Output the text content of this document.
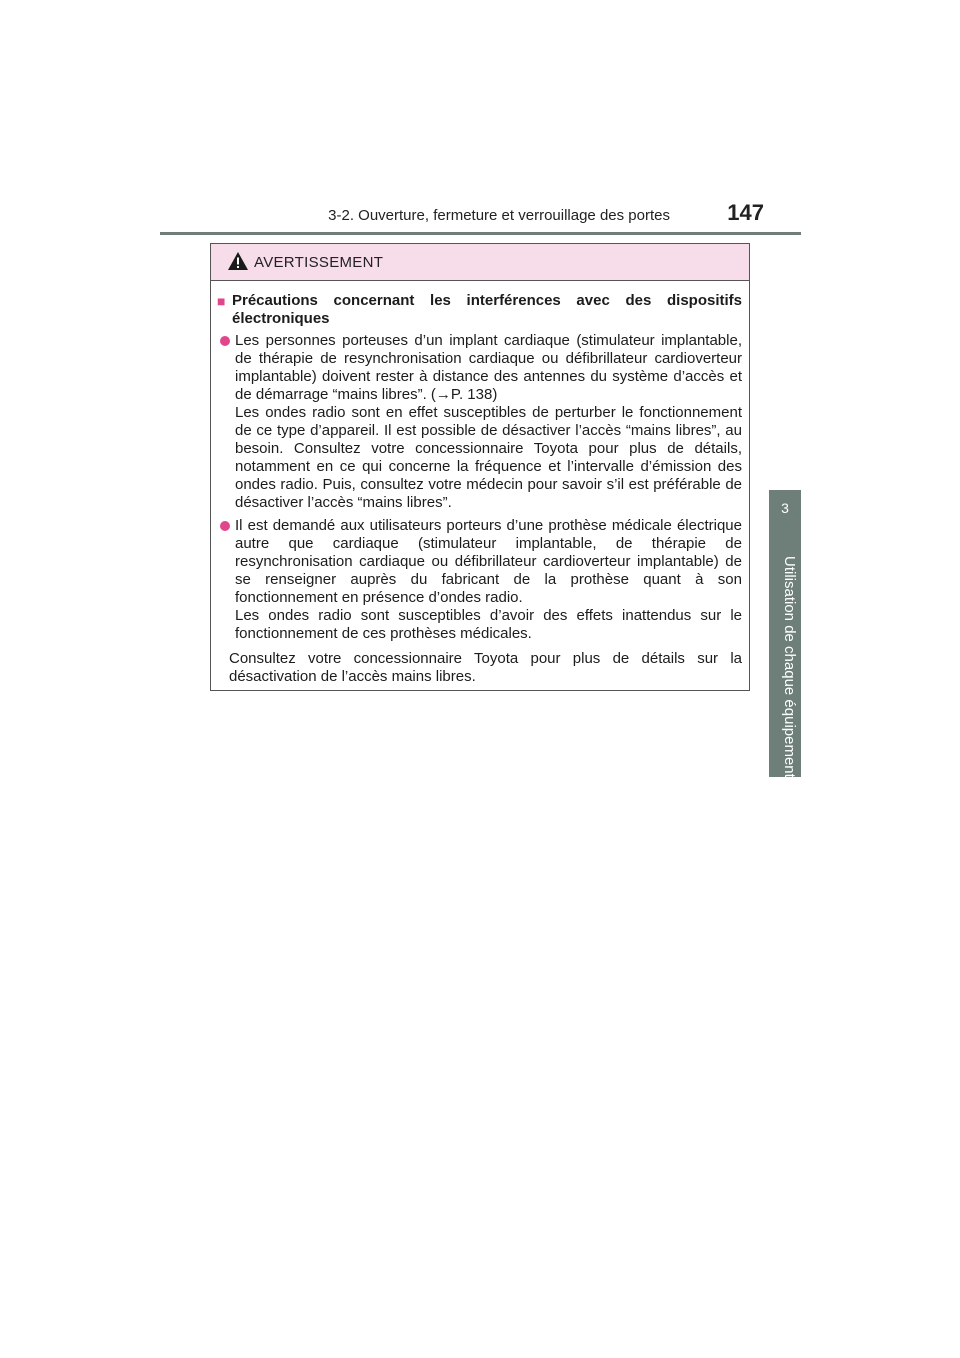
3-2. Ouverture, fermeture et verrouillage des portes	147
3
Utilisation de chaque équipement
AVERTISSEMENT
■ Précautions concernant les interférences avec des dispositifs électroniques
Les personnes porteuses d’un implant cardiaque (stimulateur implantable, de thérapie de resynchronisation cardiaque ou défibrillateur cardioverteur implantable) doivent rester à distance des antennes du système d’accès et de démarrage “mains libres”. (→P. 138)
Les ondes radio sont en effet susceptibles de perturber le fonctionnement de ce type d’appareil. Il est possible de désactiver l’accès “mains libres”, au besoin. Consultez votre concessionnaire Toyota pour plus de détails, notamment en ce qui concerne la fréquence et l’intervalle d’émission des ondes radio. Puis, consultez votre médecin pour savoir s’il est préférable de désactiver l’accès “mains libres”.
Il est demandé aux utilisateurs porteurs d’une prothèse médicale électrique autre que cardiaque (stimulateur implantable, de thérapie de resynchronisation cardiaque ou défibrillateur cardioverteur implantable) de se renseigner auprès du fabricant de la prothèse quant à son fonctionnement en présence d’ondes radio.
Les ondes radio sont susceptibles d’avoir des effets inattendus sur le fonctionnement de ces prothèses médicales.
Consultez votre concessionnaire Toyota pour plus de détails sur la désactivation de l’accès mains libres.
